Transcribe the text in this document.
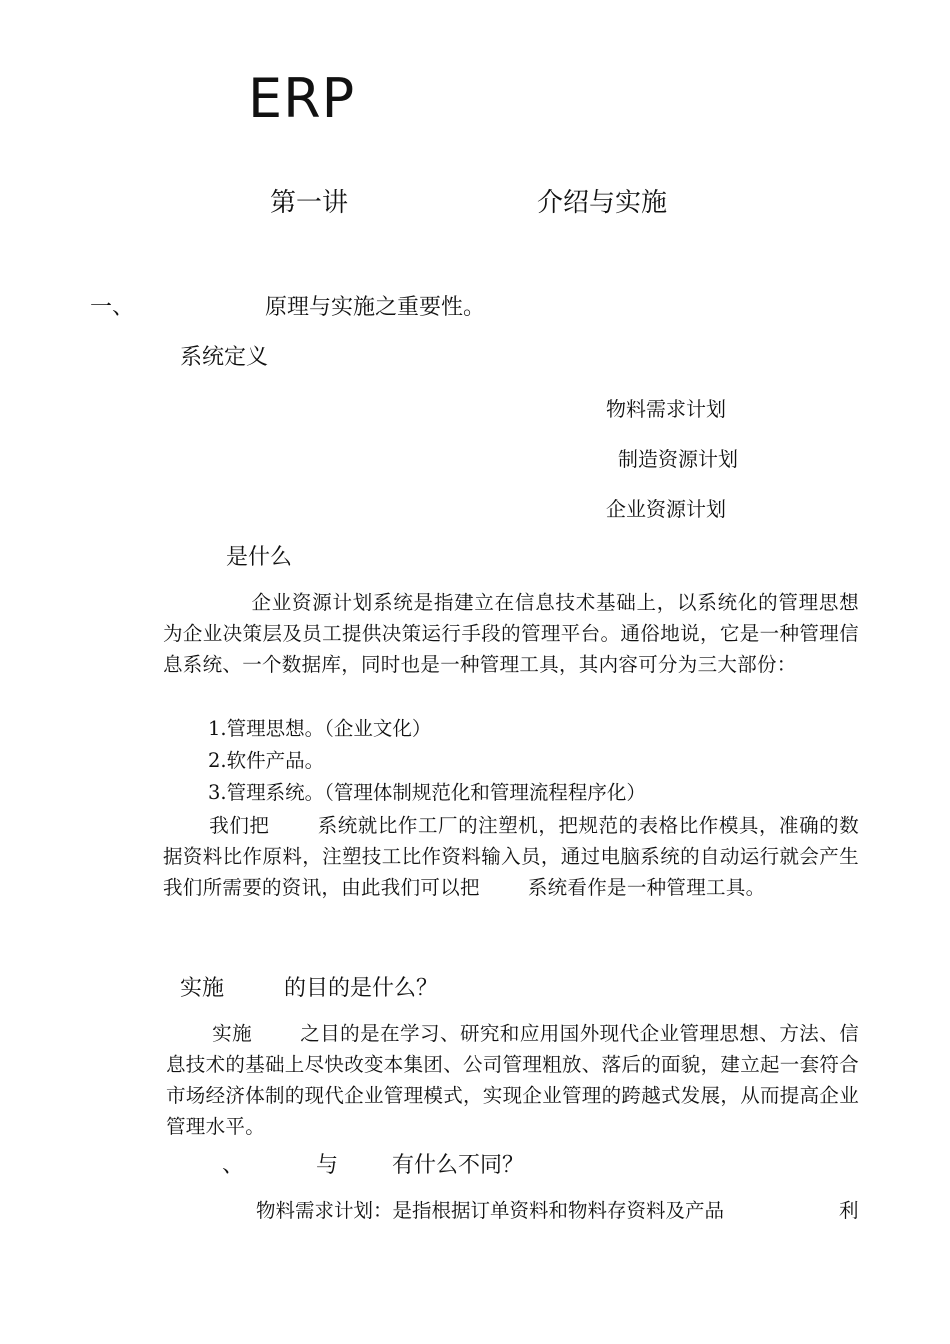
ERP
第一讲	介绍与实施
一、	原理与实施之重要性。
系统定义
物料需求计划
制造资源计划
企业资源计划
是什么
企业资源计划系统是指建立在信息技术基础上，以系统化的管理思想为企业决策层及员工提供决策运行手段的管理平台。通俗地说，它是一种管理信息系统、一个数据库，同时也是一种管理工具，其内容可分为三大部份：
1.管理思想。（企业文化）
2.软件产品。
3.管理系统。（管理体制规范化和管理流程程序化）
我们把 系统就比作工厂的注塑机，把规范的表格比作模具，准确的数据资料比作原料，注塑技工比作资料输入员，通过电脑系统的自动运行就会产生我们所需要的资讯，由此我们可以把 系统看作是一种管理工具。
实施	的目的是什么？
实施 之目的是在学习、研究和应用国外现代企业管理思想、方法、信息技术的基础上尽快改变本集团、公司管理粗放、落后的面貌，建立起一套符合市场经济体制的现代企业管理模式，实现企业管理的跨越式发展，从而提高企业管理水平。
、	与 有什么不同？
物料需求计划：是指根据订单资料和物料存资料及产品	利
